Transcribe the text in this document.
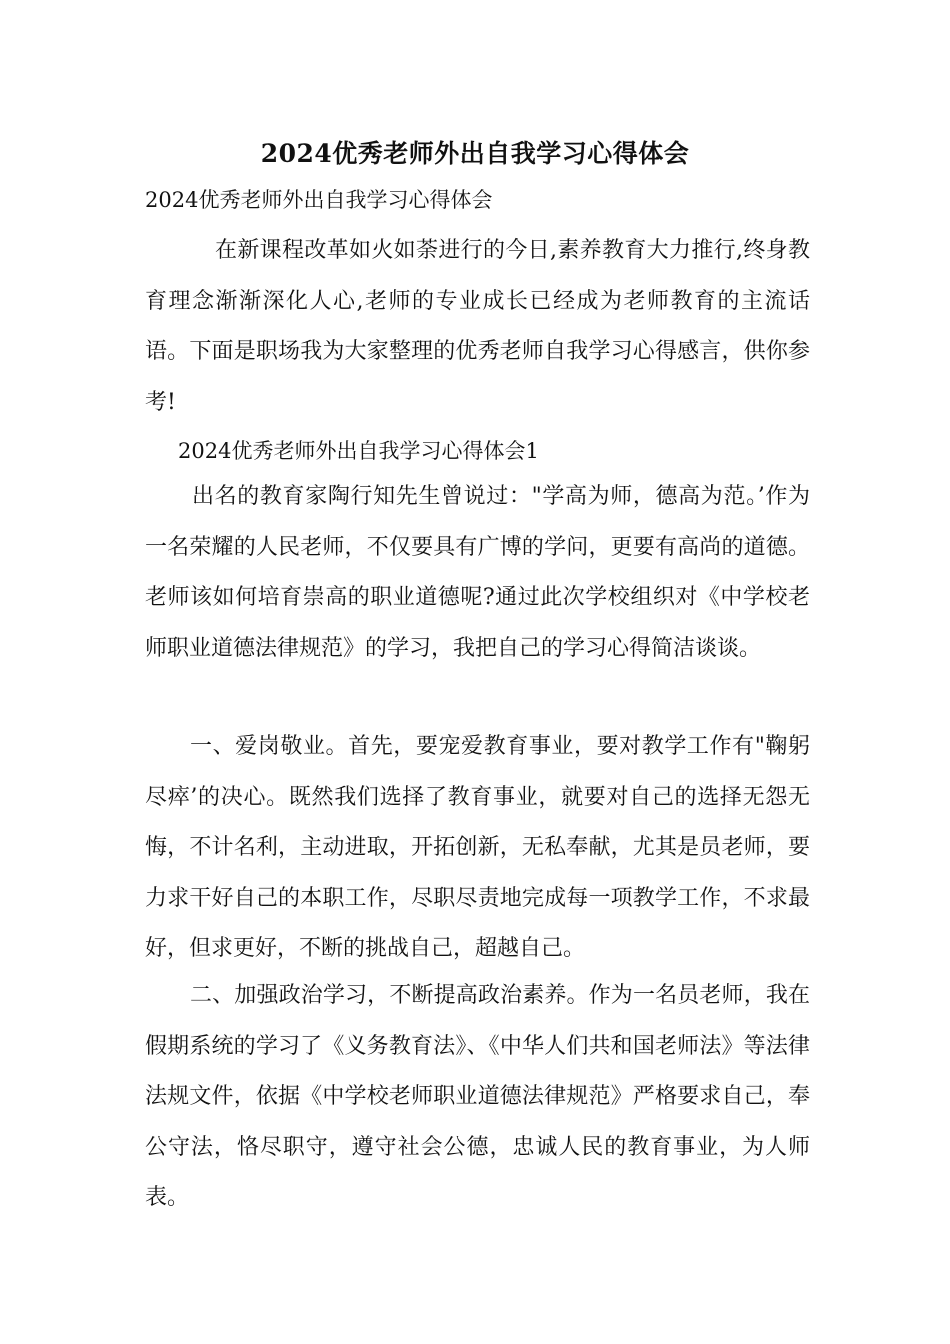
2024优秀老师外出自我学习心得体会
2024优秀老师外出自我学习心得体会

在新课程改革如火如荼进行的今日,素养教育大力推行,终身教育理念渐渐深化人心,老师的专业成长已经成为老师教育的主流话语。下面是职场我为大家整理的优秀老师自我学习心得感言，供你参考!

2024优秀老师外出自我学习心得体会1

出名的教育家陶行知先生曾说过："学高为师，德高为范。’作为一名荣耀的人民老师，不仅要具有广博的学问，更要有高尚的道德。老师该如何培育崇高的职业道德呢?通过此次学校组织对《中学校老师职业道德法律规范》的学习，我把自己的学习心得简洁谈谈。

一、爱岗敬业。首先，要宠爱教育事业，要对教学工作有"鞠躬尽瘁’的决心。既然我们选择了教育事业，就要对自己的选择无怨无悔，不计名利，主动进取，开拓创新，无私奉献，尤其是员老师，要力求干好自己的本职工作，尽职尽责地完成每一项教学工作，不求最好，但求更好，不断的挑战自己，超越自己。

二、加强政治学习，不断提高政治素养。作为一名员老师，我在假期系统的学习了《义务教育法》、《中华人们共和国老师法》等法律法规文件，依据《中学校老师职业道德法律规范》严格要求自己，奉公守法，恪尽职守，遵守社会公德，忠诚人民的教育事业，为人师表。
